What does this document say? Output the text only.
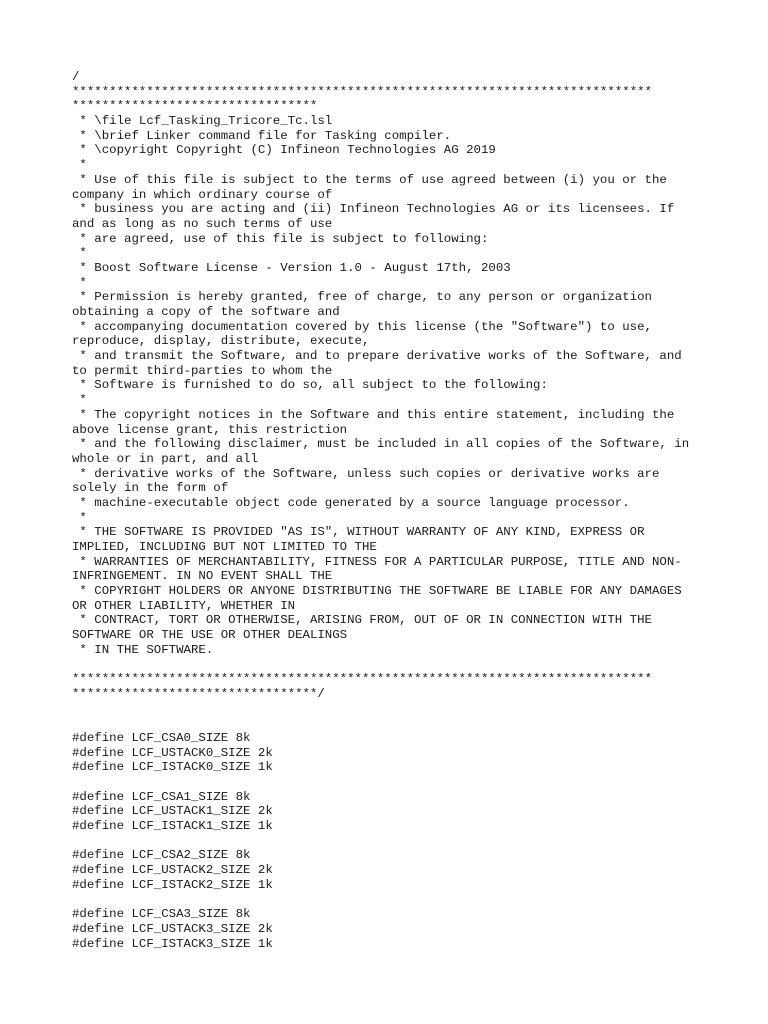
/
******************************************************************************
*********************************
* \file Lcf_Tasking_Tricore_Tc.lsl
* \brief Linker command file for Tasking compiler.
* \copyright Copyright (C) Infineon Technologies AG 2019
*
* Use of this file is subject to the terms of use agreed between (i) you or the
company in which ordinary course of
* business you are acting and (ii) Infineon Technologies AG or its licensees. If
and as long as no such terms of use
* are agreed, use of this file is subject to following:
*
* Boost Software License - Version 1.0 - August 17th, 2003
*
* Permission is hereby granted, free of charge, to any person or organization
obtaining a copy of the software and
* accompanying documentation covered by this license (the "Software") to use,
reproduce, display, distribute, execute,
* and transmit the Software, and to prepare derivative works of the Software, and
to permit third-parties to whom the
* Software is furnished to do so, all subject to the following:
*
* The copyright notices in the Software and this entire statement, including the
above license grant, this restriction
* and the following disclaimer, must be included in all copies of the Software, in
whole or in part, and all
* derivative works of the Software, unless such copies or derivative works are
solely in the form of
* machine-executable object code generated by a source language processor.
*
* THE SOFTWARE IS PROVIDED "AS IS", WITHOUT WARRANTY OF ANY KIND, EXPRESS OR
IMPLIED, INCLUDING BUT NOT LIMITED TO THE
* WARRANTIES OF MERCHANTABILITY, FITNESS FOR A PARTICULAR PURPOSE, TITLE AND NON-
INFRINGEMENT. IN NO EVENT SHALL THE
* COPYRIGHT HOLDERS OR ANYONE DISTRIBUTING THE SOFTWARE BE LIABLE FOR ANY DAMAGES
OR OTHER LIABILITY, WHETHER IN
* CONTRACT, TORT OR OTHERWISE, ARISING FROM, OUT OF OR IN CONNECTION WITH THE
SOFTWARE OR THE USE OR OTHER DEALINGS
* IN THE SOFTWARE.
******************************************************************************
*********************************/
#define LCF_CSA0_SIZE 8k
#define LCF_USTACK0_SIZE 2k
#define LCF_ISTACK0_SIZE 1k
#define LCF_CSA1_SIZE 8k
#define LCF_USTACK1_SIZE 2k
#define LCF_ISTACK1_SIZE 1k
#define LCF_CSA2_SIZE 8k
#define LCF_USTACK2_SIZE 2k
#define LCF_ISTACK2_SIZE 1k
#define LCF_CSA3_SIZE 8k
#define LCF_USTACK3_SIZE 2k
#define LCF_ISTACK3_SIZE 1k
